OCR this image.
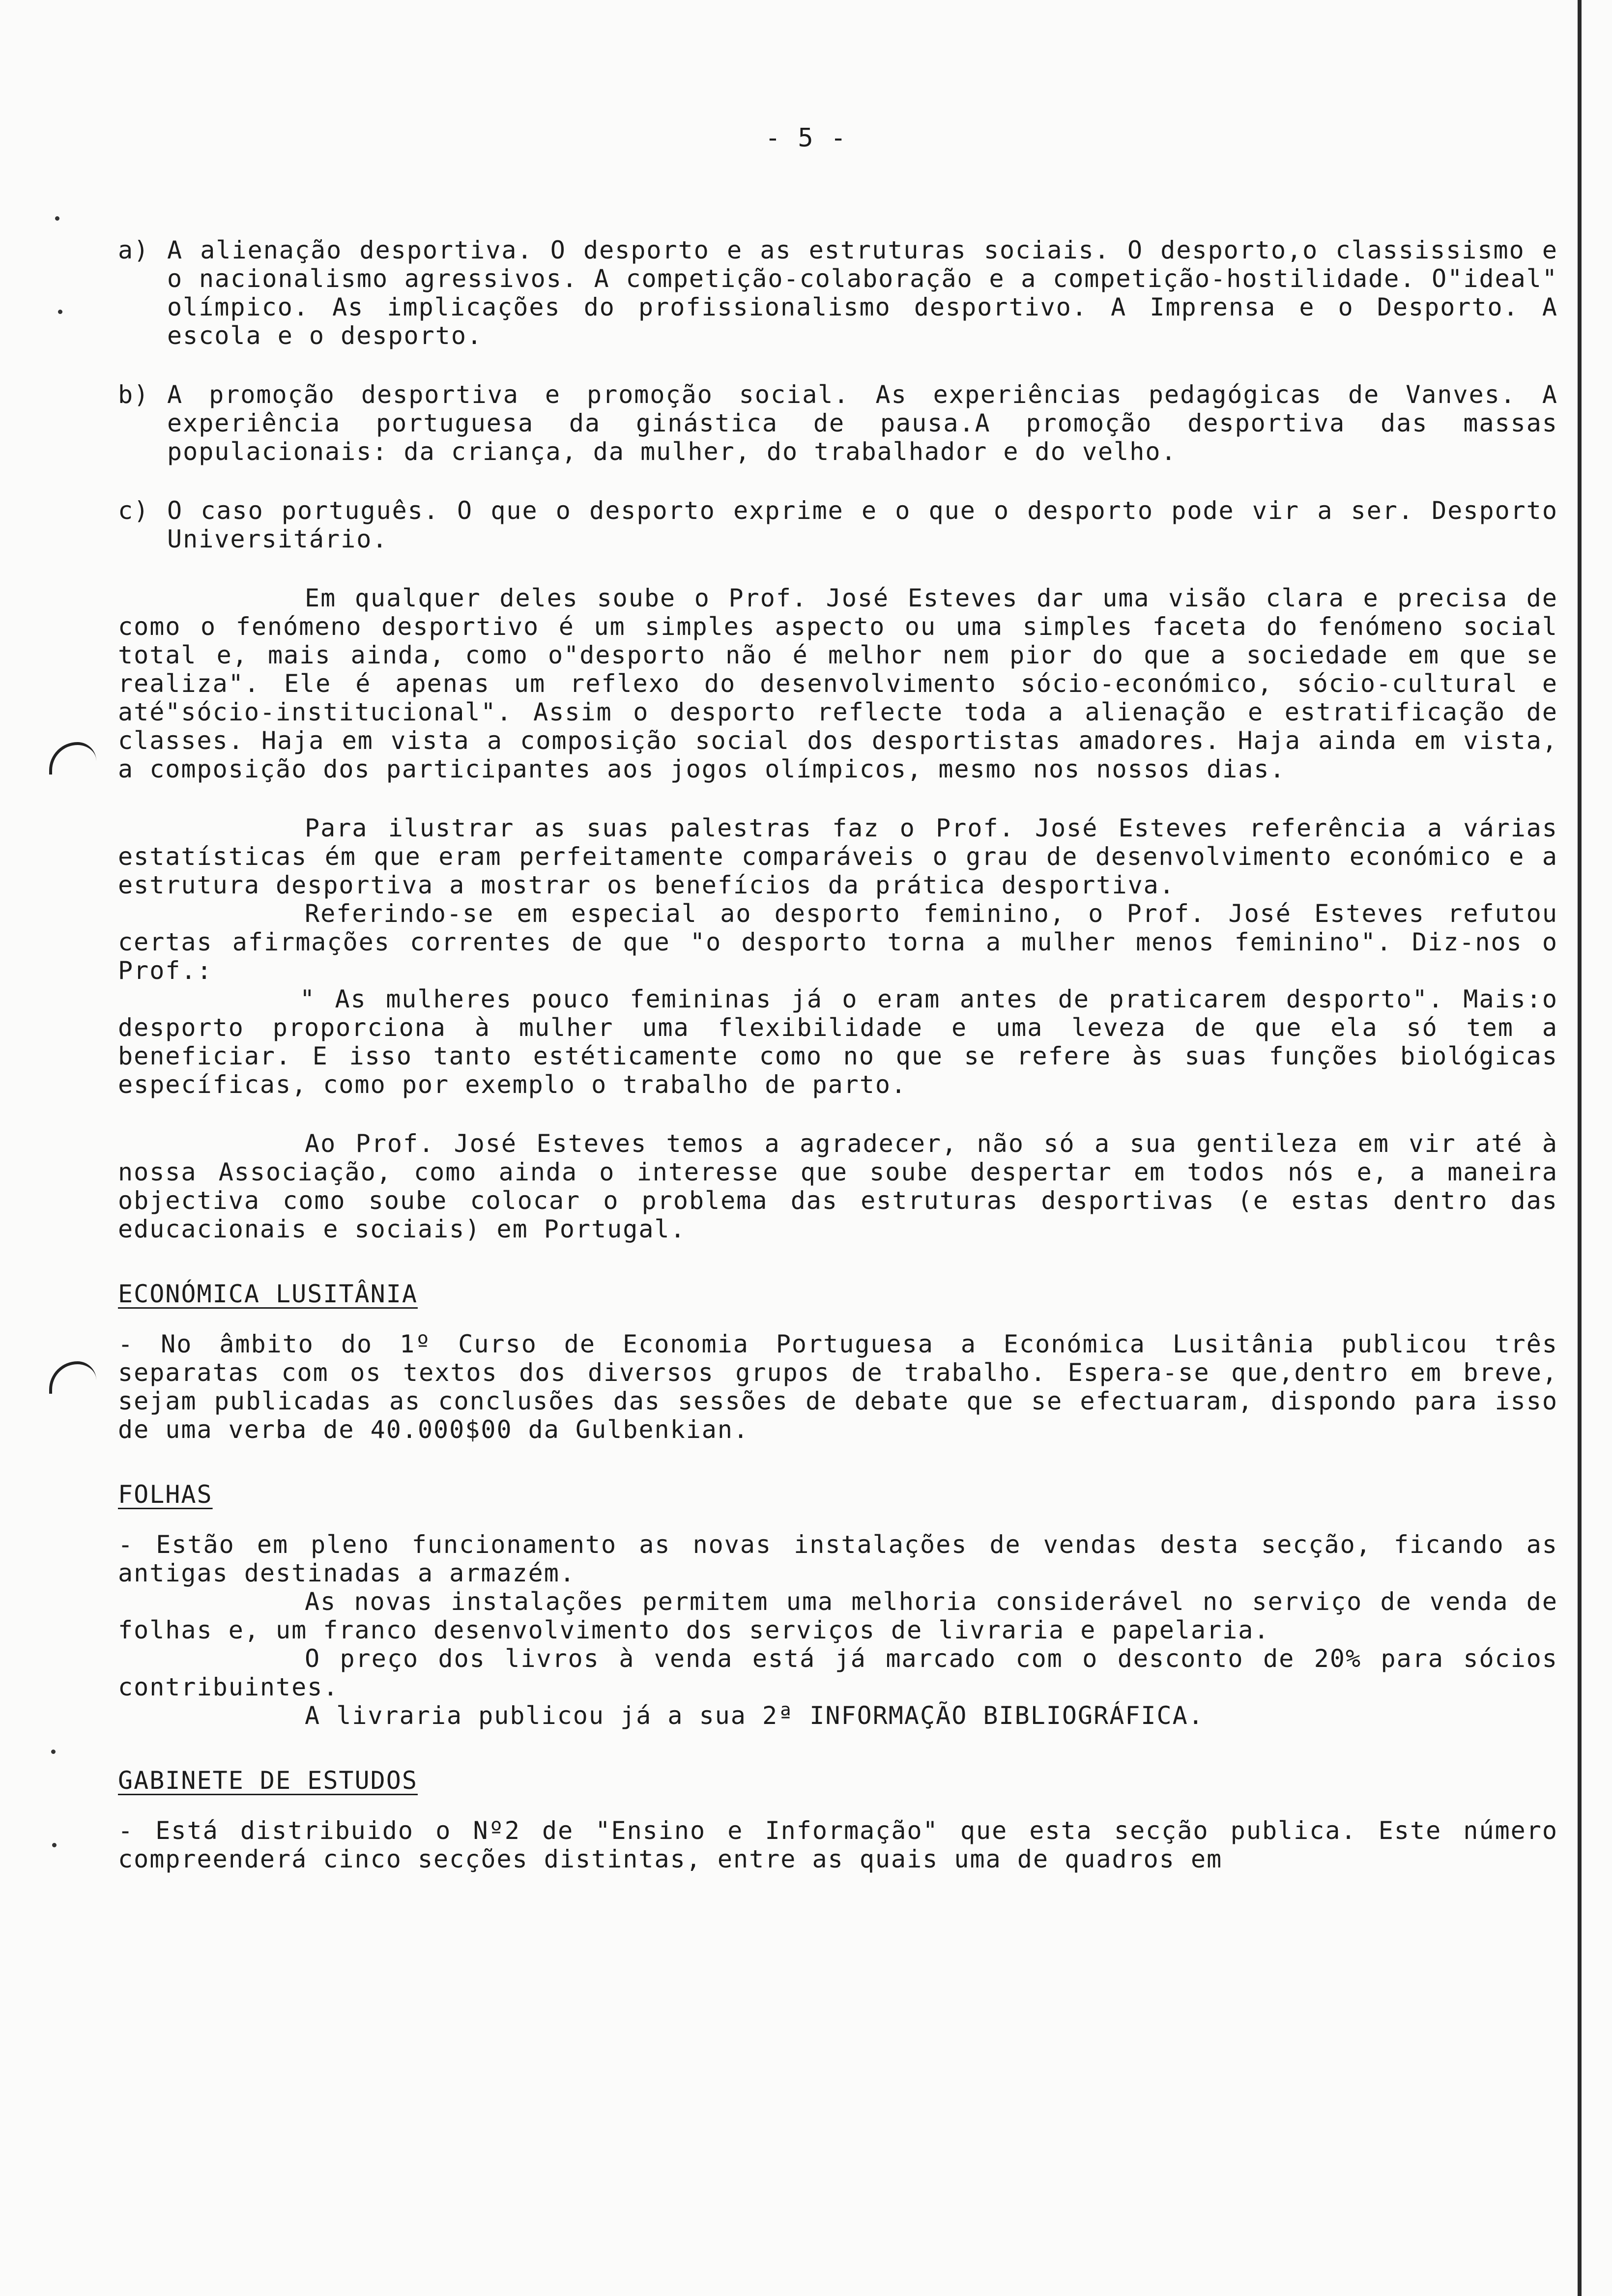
- 5 -
a) A alienação desportiva. O desporto e as estruturas sociais. O desporto,o classissismo e o nacionalismo agressivos. A competição-colaboração e a competição-hostilidade. O"ideal" olímpico. As implicações do profissionalismo desportivo. A Imprensa e o Desporto. A escola e o desporto.
b) A promoção desportiva e promoção social. As experiências pedagógicas de Vanves. A experiência portuguesa da ginástica de pausa.A promoção desportiva das massas populacionais: da criança, da mulher, do trabalhador e do velho.
c) O caso português. O que o desporto exprime e o que o desporto pode vir a ser. Desporto Universitário.

Em qualquer deles soube o Prof. José Esteves dar uma visão clara e precisa de como o fenómeno desportivo é um simples aspecto ou uma simples faceta do fenómeno social total e, mais ainda, como o"desporto não é melhor nem pior do que a sociedade em que se realiza". Ele é apenas um reflexo do desenvolvimento sócio-económico, sócio-cultural e até"sócio-institucional". Assim o desporto reflecte toda a alienação e estratificação de classes. Haja em vista a composição social dos desportistas amadores. Haja ainda em vista, a composição dos participantes aos jogos olímpicos, mesmo nos nossos dias.

Para ilustrar as suas palestras faz o Prof. José Esteves referência a várias estatísticas ém que eram perfeitamente comparáveis o grau de desenvolvimento económico e a estrutura desportiva a mostrar os benefícios da prática desportiva.

Referindo-se em especial ao desporto feminino, o Prof. José Esteves refutou certas afirmações correntes de que "o desporto torna a mulher menos feminino". Diz-nos o Prof.:

" As mulheres pouco femininas já o eram antes de praticarem desporto". Mais:o desporto proporciona à mulher uma flexibilidade e uma leveza de que ela só tem a beneficiar. E isso tanto estéticamente como no que se refere às suas funções biológicas específicas, como por exemplo o trabalho de parto.

Ao Prof. José Esteves temos a agradecer, não só a sua gentileza em vir até à nossa Associação, como ainda o interesse que soube despertar em todos nós e, a maneira objectiva como soube colocar o problema das estruturas desportivas (e estas dentro das educacionais e sociais) em Portugal.

ECONÓMICA LUSITÂNIA

- No âmbito do 1º Curso de Economia Portuguesa a Económica Lusitânia publicou três separatas com os textos dos diversos grupos de trabalho. Espera-se que,dentro em breve, sejam publicadas as conclusões das sessões de debate que se efectuaram, dispondo para isso de uma verba de 40.000$00 da Gulbenkian.

FOLHAS

- Estão em pleno funcionamento as novas instalações de vendas desta secção, ficando as antigas destinadas a armazém.

As novas instalações permitem uma melhoria considerável no serviço de venda de folhas e, um franco desenvolvimento dos serviços de livraria e papelaria.

O preço dos livros à venda está já marcado com o desconto de 20% para sócios contribuintes.

A livraria publicou já a sua 2ª INFORMAÇÃO BIBLIOGRÁFICA.

GABINETE DE ESTUDOS

- Está distribuido o Nº2 de "Ensino e Informação" que esta secção publica. Este número compreenderá cinco secções distintas, entre as quais uma de quadros em
